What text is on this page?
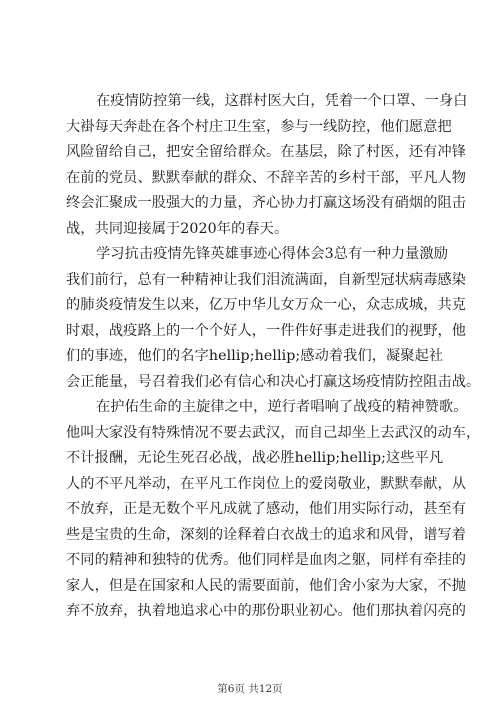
在疫情防控第一线，这群村医大白，凭着一个口罩、一身白
大褂每天奔赴在各个村庄卫生室，参与一线防控，他们愿意把
风险留给自己，把安全留给群众。在基层，除了村医，还有冲锋
在前的党员、默默奉献的群众、不辞辛苦的乡村干部，平凡人物
终会汇聚成一股强大的力量，齐心协力打赢这场没有硝烟的阻击
战，共同迎接属于2020年的春天。

学习抗击疫情先锋英雄事迹心得体会3总有一种力量激励
我们前行，总有一种精神让我们泪流满面，自新型冠状病毒感染
的肺炎疫情发生以来，亿万中华儿女万众一心，众志成城，共克
时艰，战疫路上的一个个好人，一件件好事走进我们的视野，他
们的事迹，他们的名字hellip;hellip;感动着我们，凝聚起社
会正能量，号召着我们必有信心和决心打赢这场疫情防控阻击战。

在护佑生命的主旋律之中，逆行者唱响了战疫的精神赞歌。
他叫大家没有特殊情况不要去武汉，而自己却坐上去武汉的动车，
不计报酬，无论生死召必战，战必胜hellip;hellip;这些平凡
人的不平凡举动，在平凡工作岗位上的爱岗敬业，默默奉献，从
不放弃，正是无数个平凡成就了感动，他们用实际行动，甚至有
些是宝贵的生命，深刻的诠释着白衣战士的追求和风骨，谱写着
不同的精神和独特的优秀。他们同样是血肉之躯，同样有牵挂的
家人，但是在国家和人民的需要面前，他们舍小家为大家，不抛
弃不放弃，执着地追求心中的那份职业初心。他们那执着闪亮的

第6页 共12页
